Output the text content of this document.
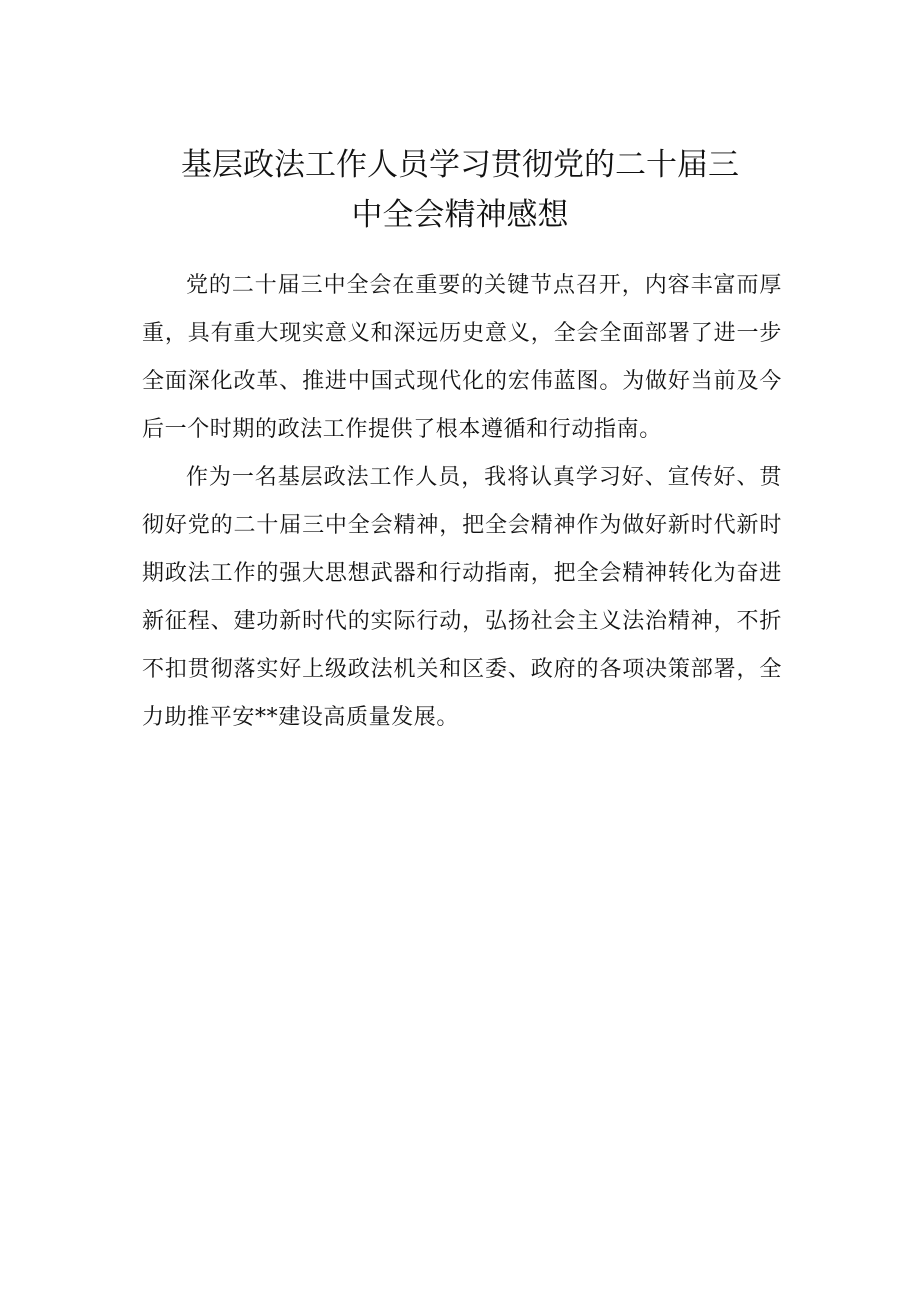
基层政法工作人员学习贯彻党的二十届三
中全会精神感想

党的二十届三中全会在重要的关键节点召开，内容丰富而厚重，具有重大现实意义和深远历史意义，全会全面部署了进一步全面深化改革、推进中国式现代化的宏伟蓝图。为做好当前及今后一个时期的政法工作提供了根本遵循和行动指南。

作为一名基层政法工作人员，我将认真学习好、宣传好、贯彻好党的二十届三中全会精神，把全会精神作为做好新时代新时期政法工作的强大思想武器和行动指南，把全会精神转化为奋进新征程、建功新时代的实际行动，弘扬社会主义法治精神，不折不扣贯彻落实好上级政法机关和区委、政府的各项决策部署，全力助推平安**建设高质量发展。
